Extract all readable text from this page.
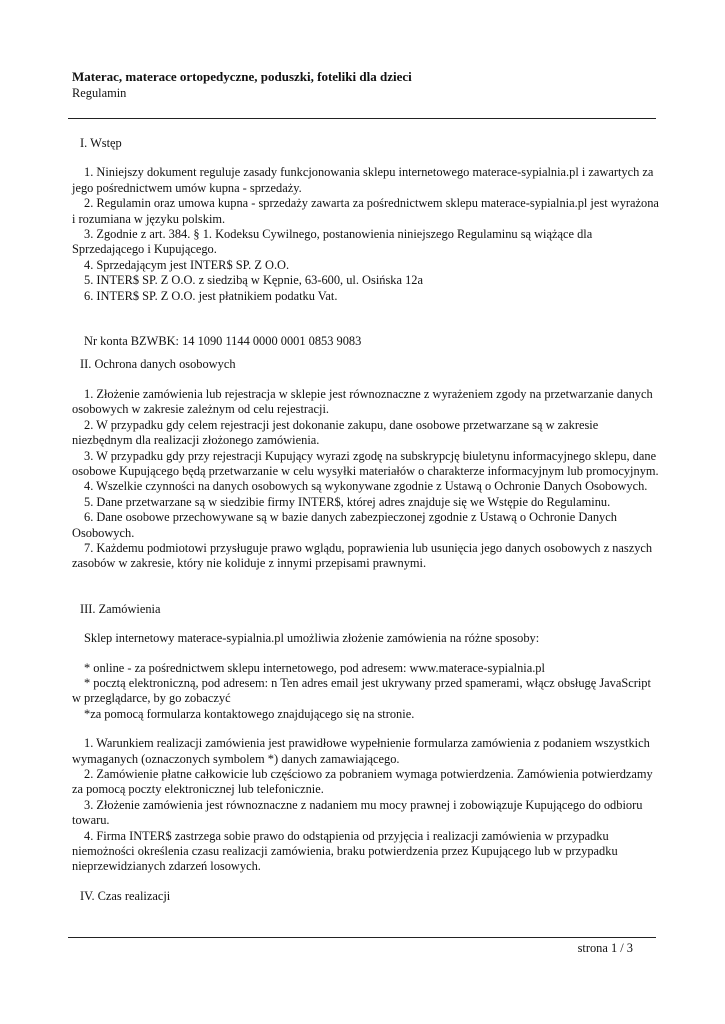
Materac, materace ortopedyczne, poduszki, foteliki dla dzieci
Regulamin
I. Wstęp

1. Niniejszy dokument reguluje zasady funkcjonowania sklepu internetowego materace-sypialnia.pl i zawartych za jego pośrednictwem umów kupna - sprzedaży.

2. Regulamin oraz umowa kupna - sprzedaży zawarta za pośrednictwem sklepu materace-sypialnia.pl jest wyrażona i rozumiana w języku polskim.

3. Zgodnie z art. 384. § 1. Kodeksu Cywilnego, postanowienia niniejszego Regulaminu są wiążące dla Sprzedającego i Kupującego.

4. Sprzedającym jest INTER$ SP. Z O.O.

5. INTER$ SP. Z O.O. z siedzibą w Kępnie, 63-600, ul. Osińska 12a

6. INTER$ SP. Z O.O. jest płatnikiem podatku Vat.

Nr konta BZWBK: 14 1090 1144 0000 0001 0853 9083

II. Ochrona danych osobowych

1. Złożenie zamówienia lub rejestracja w sklepie jest równoznaczne z wyrażeniem zgody na przetwarzanie danych osobowych w zakresie zależnym od celu rejestracji.

2. W przypadku gdy celem rejestracji jest dokonanie zakupu, dane osobowe przetwarzane są w zakresie niezbędnym dla realizacji złożonego zamówienia.

3. W przypadku gdy przy rejestracji Kupujący wyrazi zgodę na subskrypcję biuletynu informacyjnego sklepu, dane osobowe Kupującego będą przetwarzanie w celu wysyłki materiałów o charakterze informacyjnym lub promocyjnym.

4. Wszelkie czynności na danych osobowych są wykonywane zgodnie z Ustawą o Ochronie Danych Osobowych.

5. Dane przetwarzane są w siedzibie firmy INTER$, której adres znajduje się we Wstępie do Regulaminu.

6. Dane osobowe przechowywane są w bazie danych zabezpieczonej zgodnie z Ustawą o Ochronie Danych Osobowych.

7. Każdemu podmiotowi przysługuje prawo wglądu, poprawienia lub usunięcia jego danych osobowych z naszych zasobów w zakresie, który nie koliduje z innymi przepisami prawnymi.

III. Zamówienia

Sklep internetowy materace-sypialnia.pl umożliwia złożenie zamówienia na różne sposoby:

* online - za pośrednictwem sklepu internetowego, pod adresem: www.materace-sypialnia.pl

* pocztą elektroniczną, pod adresem: n Ten adres email jest ukrywany przed spamerami, włącz obsługę JavaScript w przeglądarce, by go zobaczyć

*za pomocą formularza kontaktowego znajdującego się na stronie.

1. Warunkiem realizacji zamówienia jest prawidłowe wypełnienie formularza zamówienia z podaniem wszystkich wymaganych (oznaczonych symbolem *) danych zamawiającego.

2. Zamówienie płatne całkowicie lub częściowo za pobraniem wymaga potwierdzenia. Zamówienia potwierdzamy za pomocą poczty elektronicznej lub telefonicznie.

3. Złożenie zamówienia jest równoznaczne z nadaniem mu mocy prawnej i zobowiązuje Kupującego do odbioru towaru.

4. Firma INTER$ zastrzega sobie prawo do odstąpienia od przyjęcia i realizacji zamówienia w przypadku niemożności określenia czasu realizacji zamówienia, braku potwierdzenia przez Kupującego lub w przypadku nieprzewidzianych zdarzeń losowych.

IV. Czas realizacji
strona 1 / 3
